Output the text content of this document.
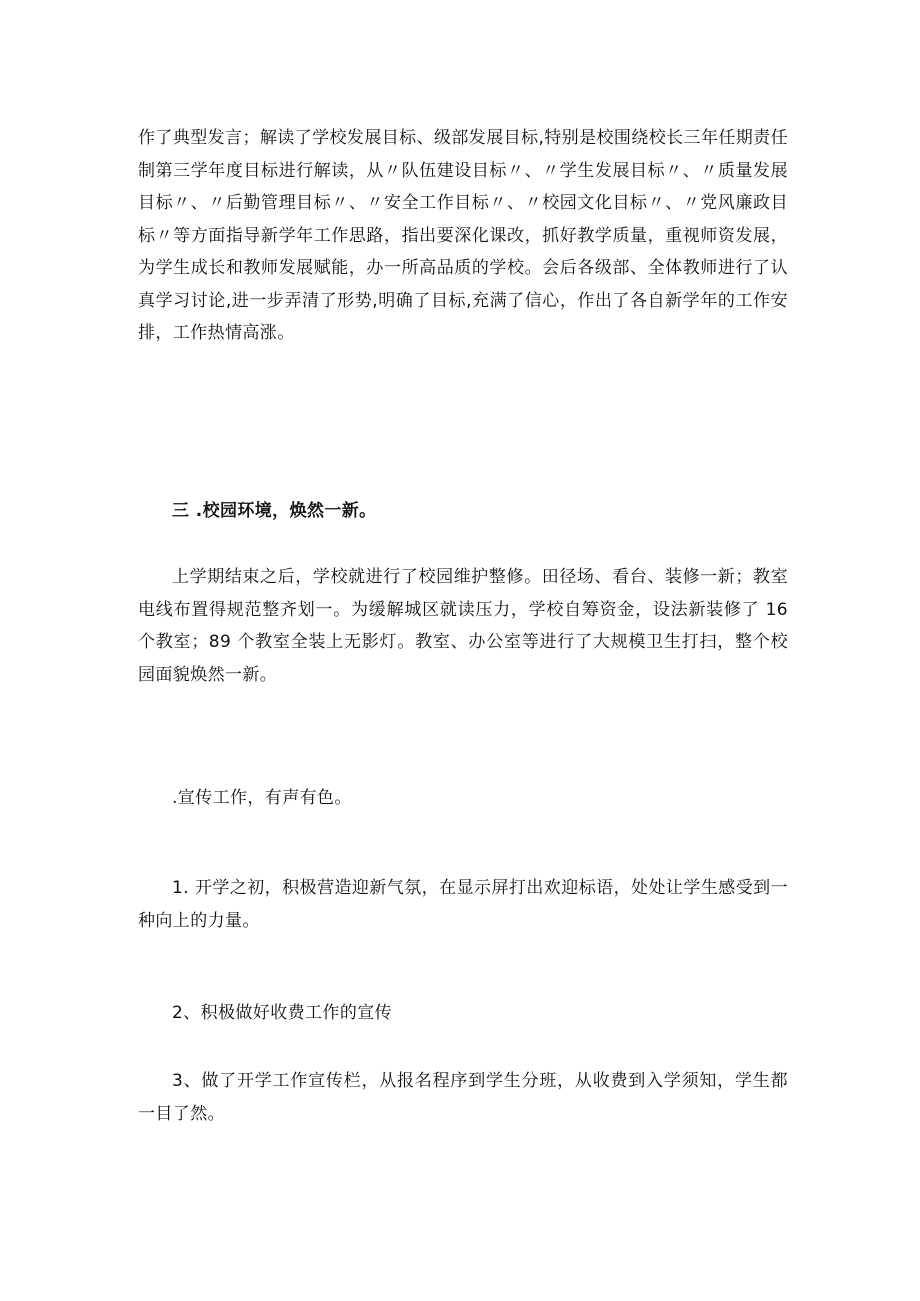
作了典型发言；解读了学校发展目标、级部发展目标,特别是校围绕校长三年任期责任制第三学年度目标进行解读，从〃队伍建设目标〃、〃学生发展目标〃、〃质量发展目标〃、〃后勤管理目标〃、〃安全工作目标〃、〃校园文化目标〃、〃党风廉政目标〃等方面指导新学年工作思路，指出要深化课改，抓好教学质量，重视师资发展，为学生成长和教师发展赋能，办一所高品质的学校。会后各级部、全体教师进行了认真学习讨论,进一步弄清了形势,明确了目标,充满了信心，作出了各自新学年的工作安排，工作热情高涨。

三 .校园环境，焕然一新。

上学期结束之后，学校就进行了校园维护整修。田径场、看台、装修一新；教室电线布置得规范整齐划一。为缓解城区就读压力，学校自筹资金，设法新装修了 16 个教室；89 个教室全装上无影灯。教室、办公室等进行了大规模卫生打扫，整个校园面貌焕然一新。

.宣传工作，有声有色。

1. 开学之初，积极营造迎新气氛，在显示屏打出欢迎标语，处处让学生感受到一种向上的力量。

2、积极做好收费工作的宣传

3、做了开学工作宣传栏，从报名程序到学生分班，从收费到入学须知，学生都一目了然。
